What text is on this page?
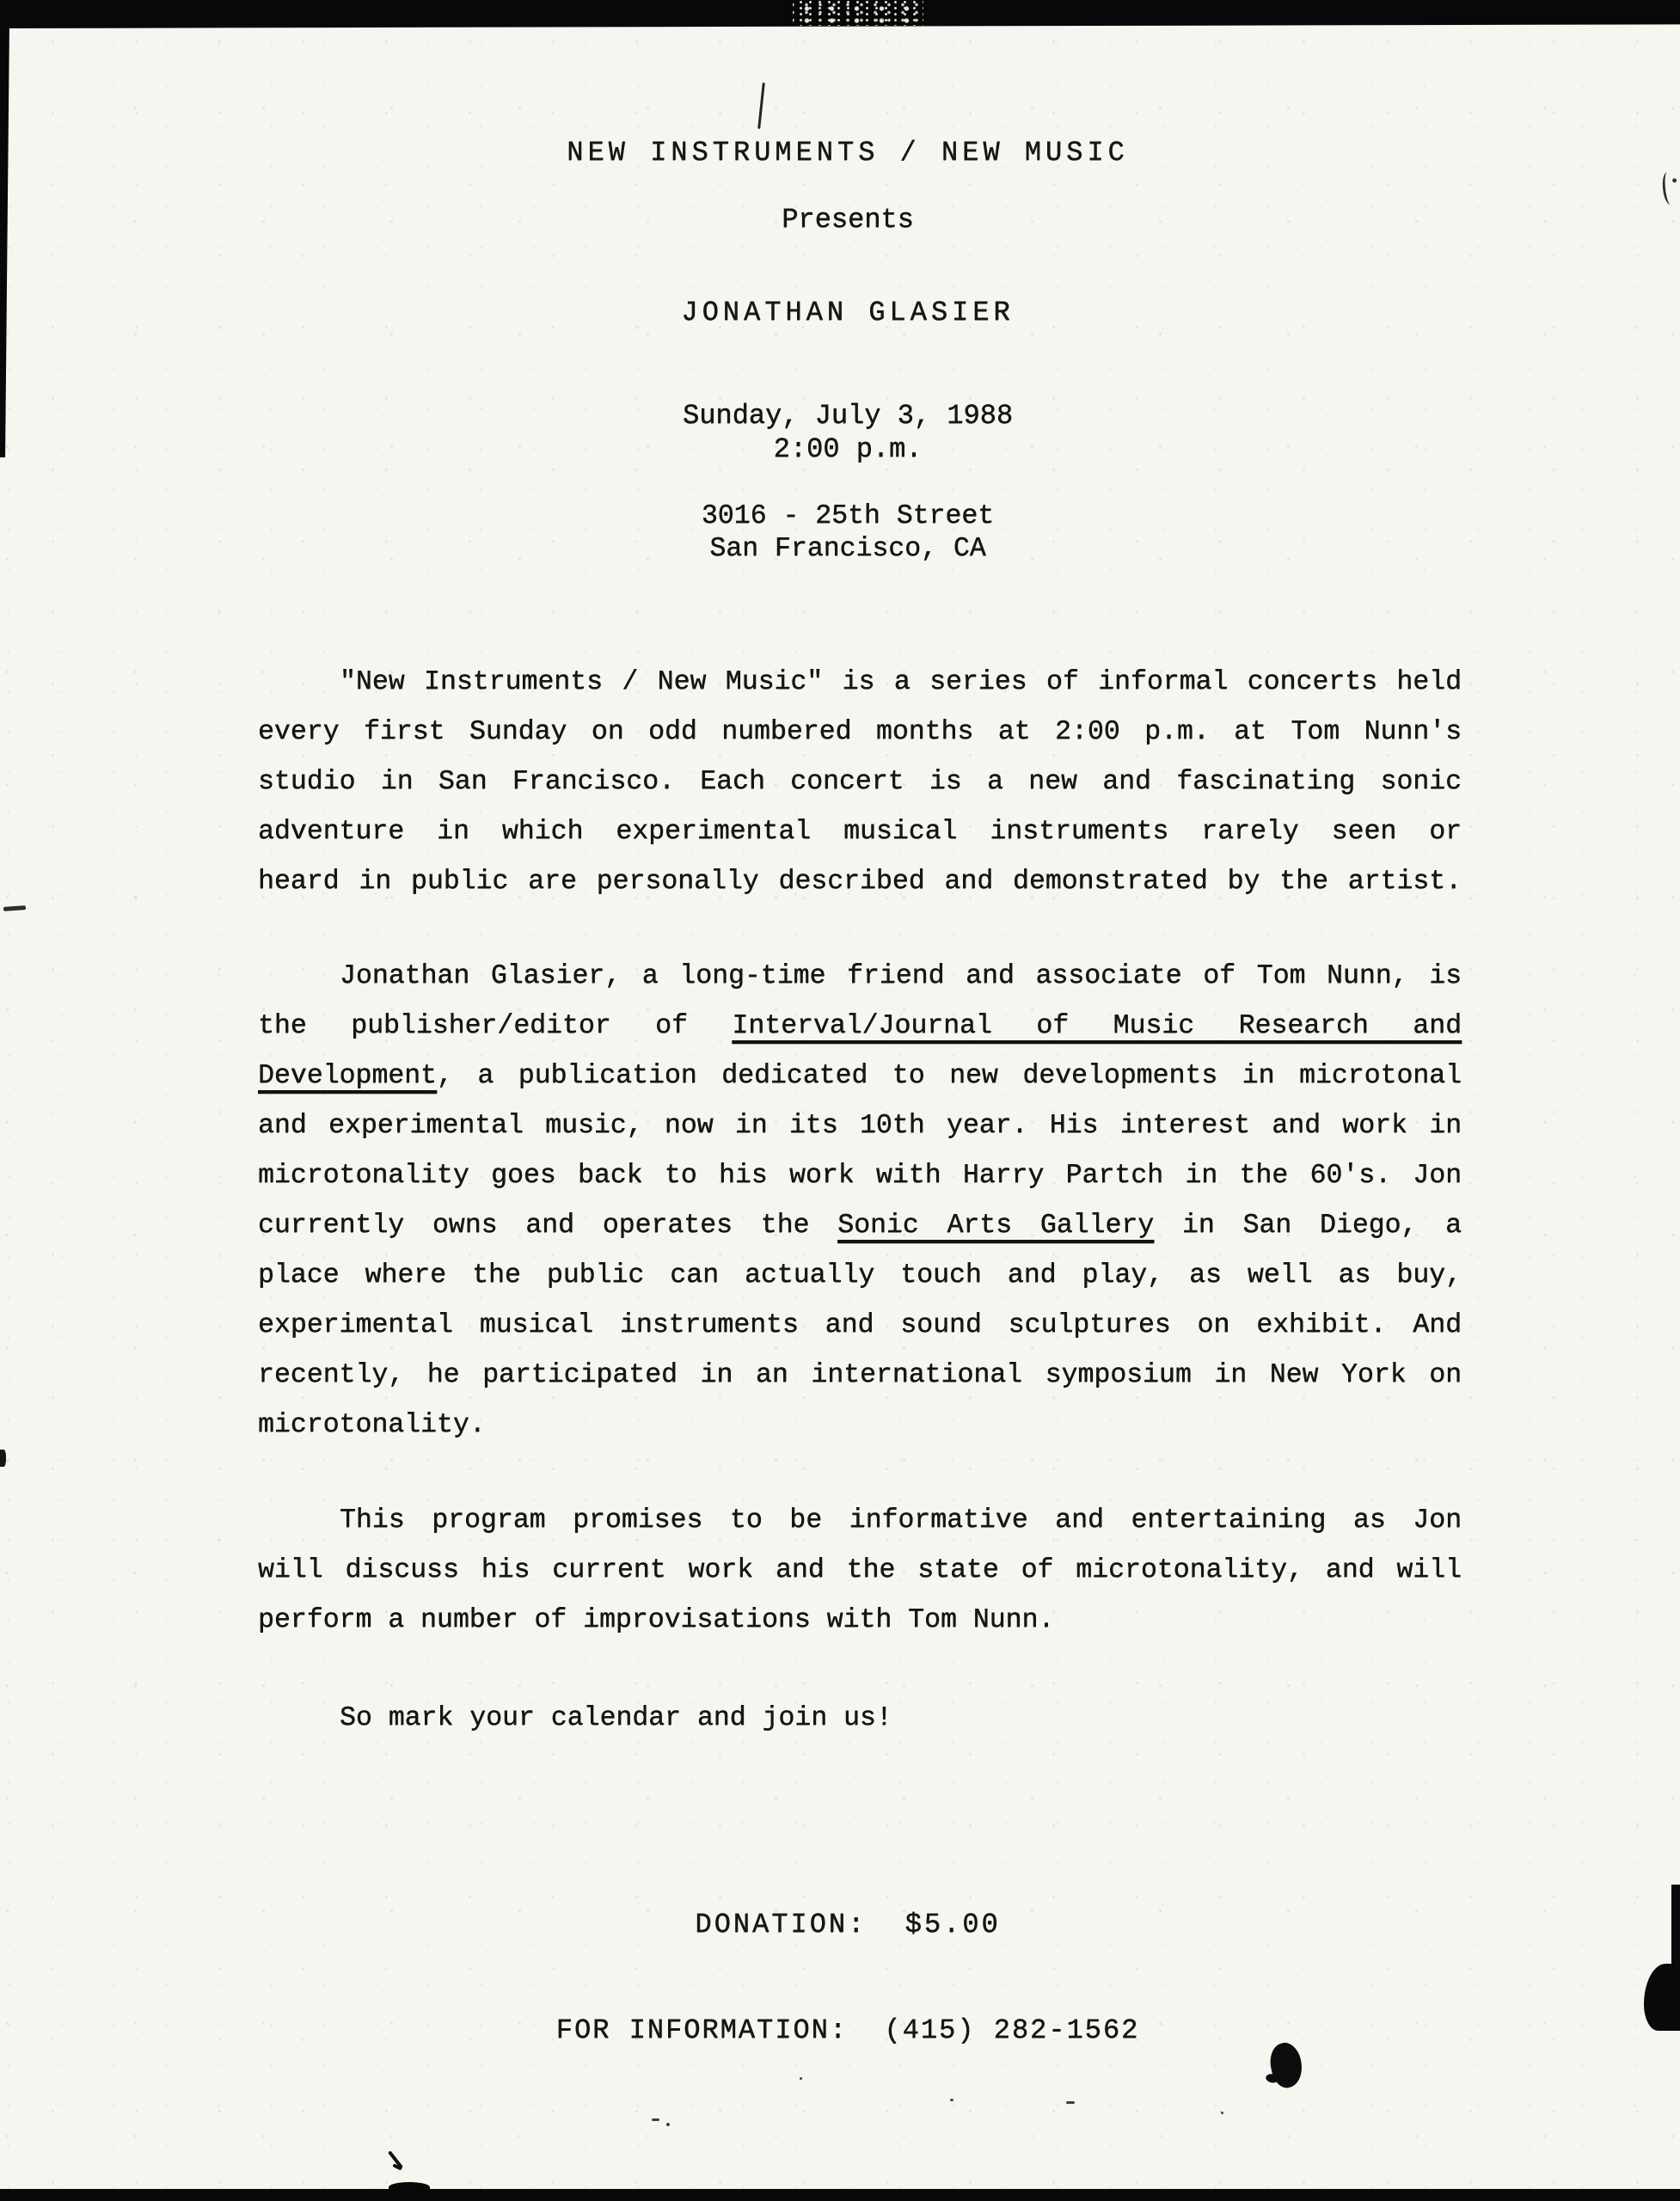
NEW INSTRUMENTS / NEW MUSIC
Presents
JONATHAN GLASIER
Sunday, July 3, 1988
2:00 p.m.
3016 - 25th Street
San Francisco, CA
"New Instruments / New Music" is a series of informal concerts held
every first Sunday on odd numbered months at 2:00 p.m. at Tom Nunn's
studio in San Francisco. Each concert is a new and fascinating sonic
adventure in which experimental musical instruments rarely seen or
heard in public are personally described and demonstrated by the artist.
Jonathan Glasier, a long-time friend and associate of Tom Nunn, is
the publisher/editor of Interval/Journal of Music Research and
Development, a publication dedicated to new developments in microtonal
and experimental music, now in its 10th year. His interest and work in
microtonality goes back to his work with Harry Partch in the 60's. Jon
currently owns and operates the Sonic Arts Gallery in San Diego, a
place where the public can actually touch and play, as well as buy,
experimental musical instruments and sound sculptures on exhibit. And
recently, he participated in an international symposium in New York on
microtonality.
This program promises to be informative and entertaining as Jon
will discuss his current work and the state of microtonality, and will
perform a number of improvisations with Tom Nunn.
So mark your calendar and join us!
DONATION:  $5.00
FOR INFORMATION:  (415) 282-1562
